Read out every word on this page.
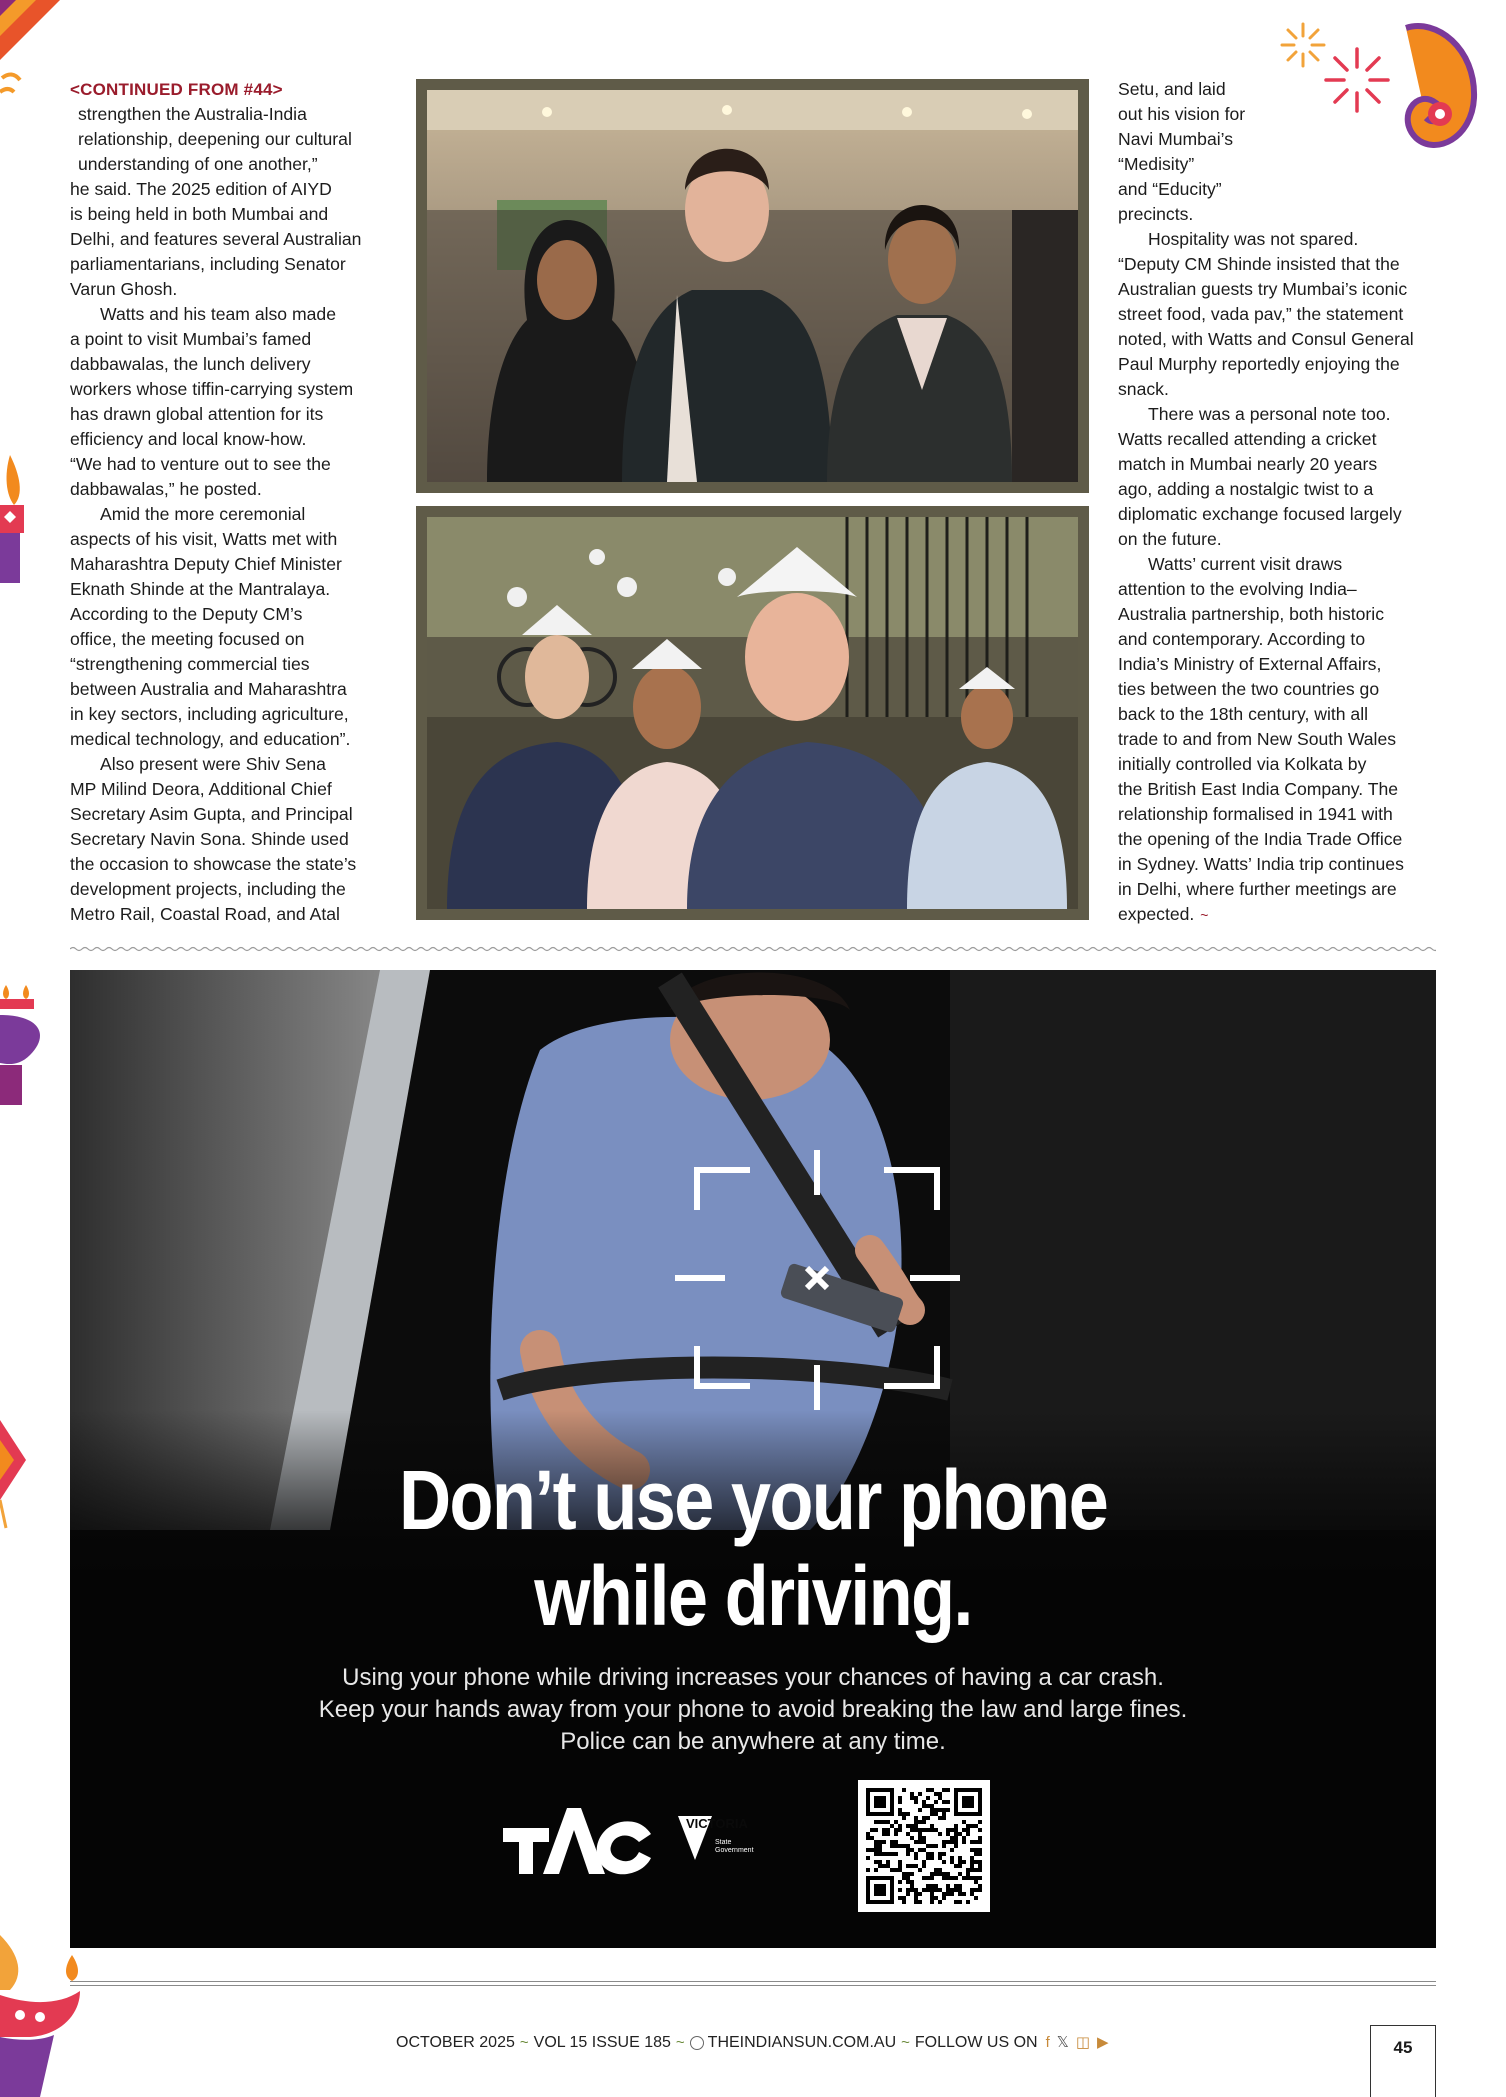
<CONTINUED FROM #44>

strengthen the Australia-India

relationship, deepening our cultural

understanding of one another,”

he said. The 2025 edition of AIYD

is being held in both Mumbai and

Delhi, and features several Australian

parliamentarians, including Senator

Varun Ghosh.

Watts and his team also made

a point to visit Mumbai’s famed

dabbawalas, the lunch delivery

workers whose tiffin-carrying system

has drawn global attention for its

efficiency and local know-how.

“We had to venture out to see the

dabbawalas,” he posted.

Amid the more ceremonial

aspects of his visit, Watts met with

Maharashtra Deputy Chief Minister

Eknath Shinde at the Mantralaya.

According to the Deputy CM’s

office, the meeting focused on

“strengthening commercial ties

between Australia and Maharashtra

in key sectors, including agriculture,

medical technology, and education”.

Also present were Shiv Sena

MP Milind Deora, Additional Chief

Secretary Asim Gupta, and Principal

Secretary Navin Sona. Shinde used

the occasion to showcase the state’s

development projects, including the

Metro Rail, Coastal Road, and Atal

Setu, and laid

out his vision for

Navi Mumbai’s

“Medisity”

and “Educity”

precincts.

Hospitality was not spared.

“Deputy CM Shinde insisted that the

Australian guests try Mumbai’s iconic

street food, vada pav,” the statement

noted, with Watts and Consul General

Paul Murphy reportedly enjoying the

snack.

There was a personal note too.

Watts recalled attending a cricket

match in Mumbai nearly 20 years

ago, adding a nostalgic twist to a

diplomatic exchange focused largely

on the future.

Watts’ current visit draws

attention to the evolving India–

Australia partnership, both historic

and contemporary. According to

India’s Ministry of External Affairs,

ties between the two countries go

back to the 18th century, with all

trade to and from New South Wales

initially controlled via Kolkata by

the British East India Company. The

relationship formalised in 1941 with

the opening of the India Trade Office

in Sydney. Watts’ India trip continues

in Delhi, where further meetings are

expected. ~
Don’t use your phone
while driving.
Using your phone while driving increases your chances of having a car crash.
Keep your hands away from your phone to avoid breaking the law and large fines.
Police can be anywhere at any time.
VICTORIA
State
Government
OCTOBER 2025 ~ VOL 15 ISSUE 185 ~ THEINDIANSUN.COM.AU ~ FOLLOW US ON f 𝕏 ◫ ▶	45
